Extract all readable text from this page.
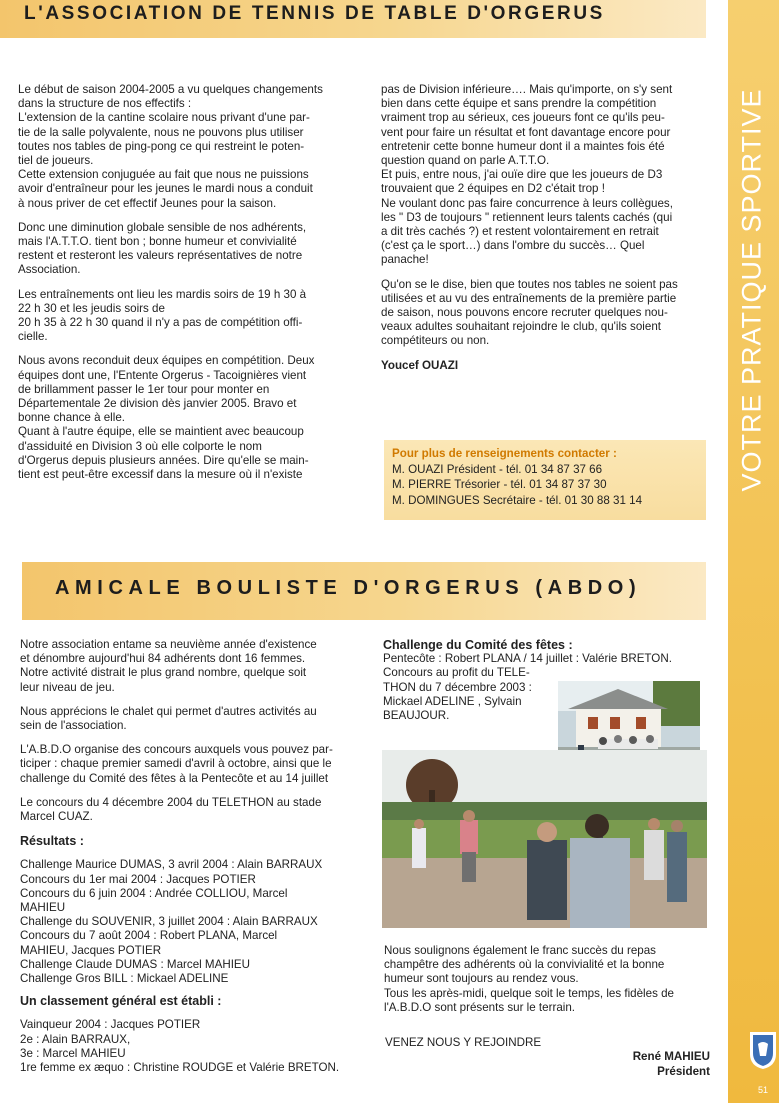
VOTRE PRATIQUE SPORTIVE
51
L'ASSOCIATION DE TENNIS DE TABLE D'ORGERUS

Le début de saison 2004-2005 a vu quelques changements
dans la structure de nos effectifs :
L'extension de la cantine scolaire nous privant d'une par-
tie de la salle polyvalente, nous ne pouvons plus utiliser
toutes nos tables de ping-pong ce qui restreint le poten-
tiel de joueurs.
Cette extension conjuguée au fait que nous ne puissions
avoir d'entraîneur pour les jeunes le mardi nous a conduit
à nous priver de cet effectif Jeunes pour la saison.

Donc une diminution globale sensible de nos adhérents,
mais l'A.T.T.O. tient bon ; bonne humeur et convivialité
restent et resteront les valeurs représentatives de notre
Association.

Les entraînements ont lieu les mardis soirs de 19 h 30 à
22 h 30 et les jeudis soirs de
20 h 35 à 22 h 30 quand il n'y a pas de compétition offi-
cielle.

Nous avons reconduit deux équipes en compétition. Deux
équipes dont une, l'Entente Orgerus - Tacoignières vient
de brillamment passer le 1er tour pour monter en
Départementale 2e division dès janvier 2005. Bravo et
bonne chance à elle.
Quant à l'autre équipe, elle se maintient avec beaucoup
d'assiduité en Division 3 où elle colporte le nom
d'Orgerus depuis plusieurs années. Dire qu'elle se main-
tient est peut-être excessif dans la mesure où il n'existe

pas de Division inférieure…. Mais qu'importe, on s'y sent
bien dans cette équipe et sans prendre la compétition
vraiment trop au sérieux, ces joueurs font ce qu'ils peu-
vent pour faire un résultat et font davantage encore pour
entretenir cette bonne humeur dont il a maintes fois été
question quand on parle A.T.T.O.
Et puis, entre nous, j'ai ouïe dire que les joueurs de D3
trouvaient que 2 équipes en D2 c'était trop !
Ne voulant donc pas faire concurrence à leurs collègues,
les " D3 de toujours " retiennent leurs talents cachés (qui
a dit très cachés ?) et restent volontairement en retrait
(c'est ça le sport…) dans l'ombre du succès… Quel
panache!

Qu'on se le dise, bien que toutes nos tables ne soient pas
utilisées et au vu des entraînements de la première partie
de saison, nous pouvons encore recruter quelques nou-
veaux adultes souhaitant rejoindre le club, qu'ils soient
compétiteurs ou non.

Youcef OUAZI

Pour plus de renseignements contacter :
M. OUAZI Président - tél. 01 34 87 37 66
M. PIERRE Trésorier - tél. 01 34 87 37 30
M. DOMINGUES Secrétaire - tél. 01 30 88 31 14
AMICALE BOULISTE D'ORGERUS (ABDO)

Notre association entame sa neuvième année d'existence
et dénombre aujourd'hui 84 adhérents dont 16 femmes.
Notre activité distrait le plus grand nombre, quelque soit
leur niveau de jeu.

Nous apprécions le chalet qui permet d'autres activités au
sein de l'association.

L'A.B.D.O organise des concours auxquels vous pouvez par-
ticiper : chaque premier samedi d'avril à octobre, ainsi que le
challenge du Comité des fêtes à la Pentecôte et au 14 juillet

Le concours du 4 décembre 2004 du TELETHON au stade
Marcel CUAZ.

Résultats :

Challenge Maurice DUMAS, 3 avril 2004 : Alain BARRAUX
Concours du 1er mai 2004 : Jacques POTIER
Concours du 6 juin 2004 : Andrée COLLIOU, Marcel
MAHIEU
Challenge du SOUVENIR, 3 juillet 2004 : Alain BARRAUX
Concours du 7 août 2004 : Robert PLANA, Marcel
MAHIEU, Jacques POTIER
Challenge Claude DUMAS : Marcel MAHIEU
Challenge Gros BILL : Mickael ADELINE

Un classement général est établi :

Vainqueur 2004 : Jacques POTIER
2e : Alain BARRAUX,
3e : Marcel MAHIEU
1re femme ex æquo : Christine ROUDGE et Valérie BRETON.
Challenge du Comité des fêtes :
Pentecôte : Robert PLANA / 14 juillet : Valérie BRETON.
Concours au profit du TELE-
THON du 7 décembre 2003 :
Mickael ADELINE , Sylvain
BEAUJOUR.

Nous soulignons également le franc succès du repas
champêtre des adhérents où la convivialité et la bonne
humeur sont toujours au rendez vous.
Tous les après-midi, quelque soit le temps, les fidèles de
l'A.B.D.O sont présents sur le terrain.

VENEZ NOUS Y REJOINDRE
René MAHIEU
Président
